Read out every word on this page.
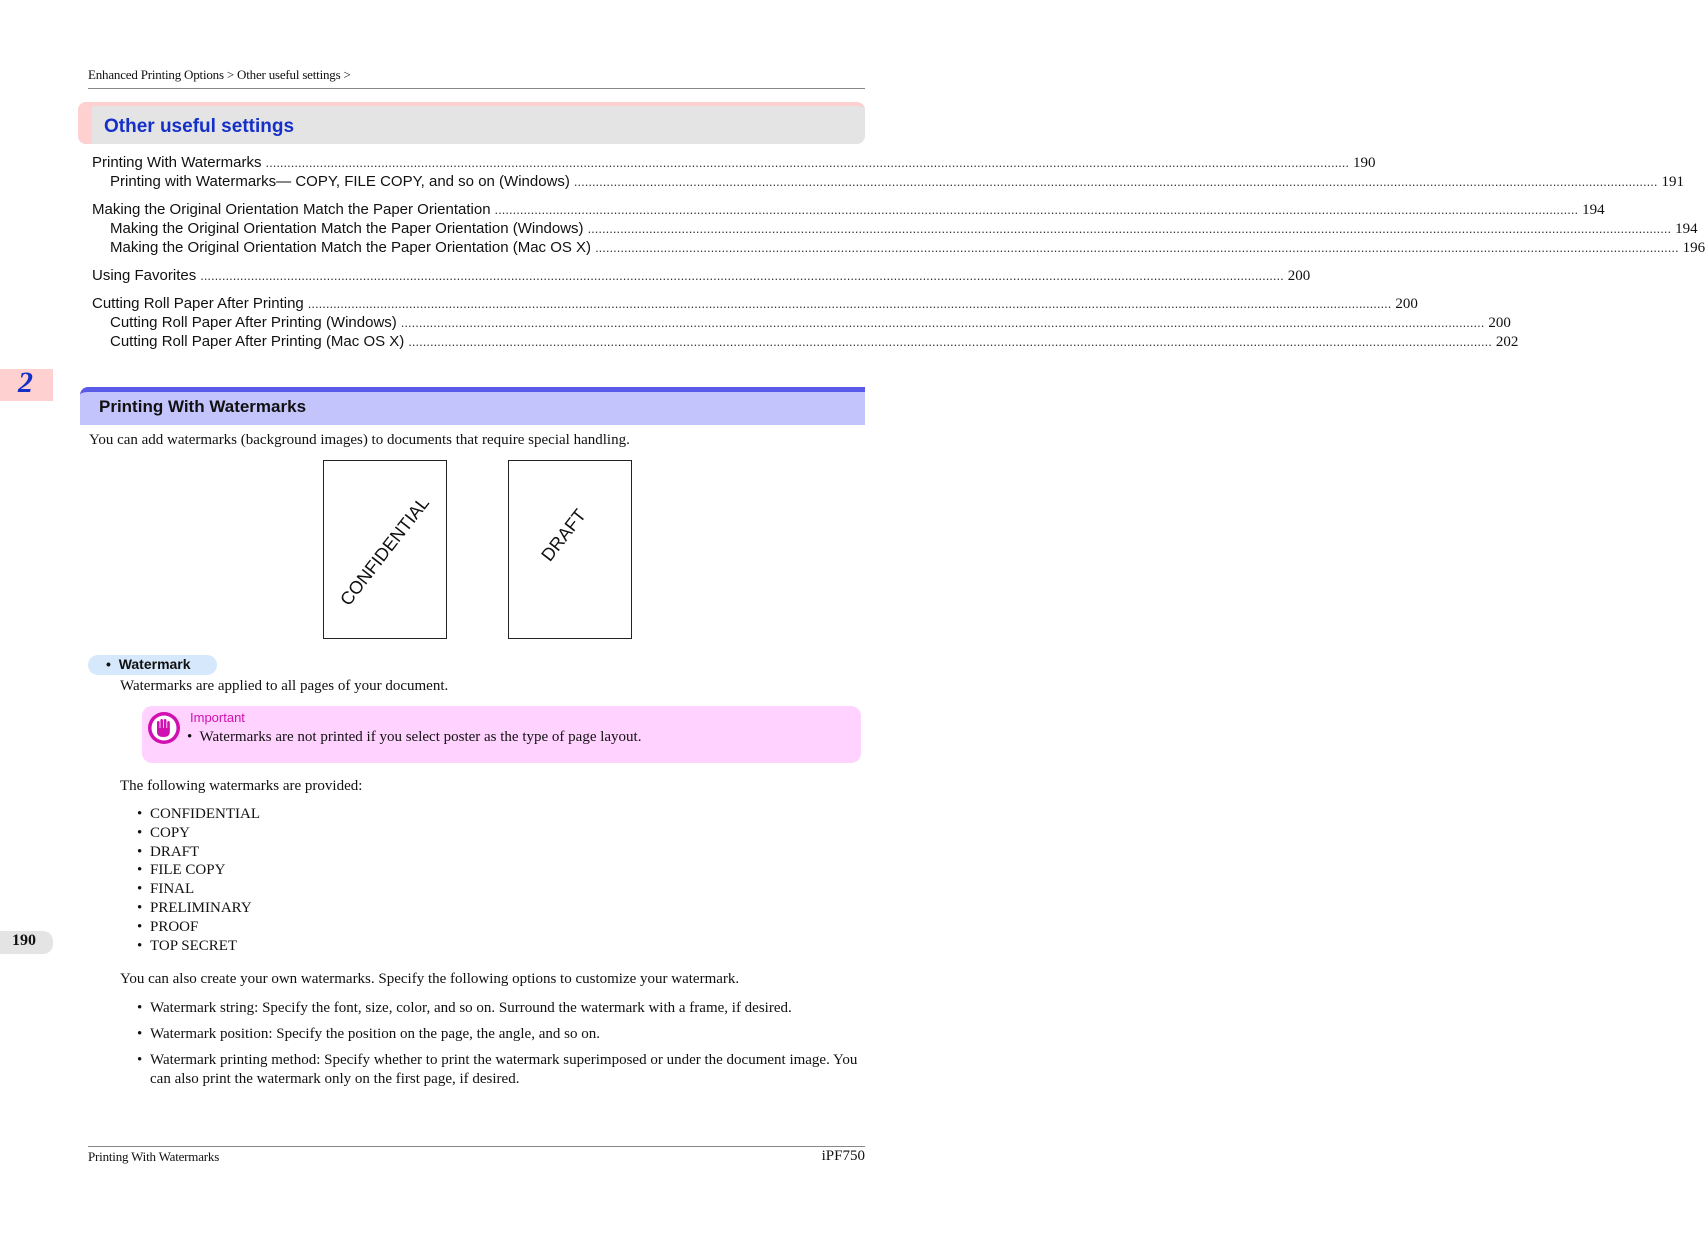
Enhanced Printing Options > Other useful settings >
Other useful settings
Printing With Watermarks ............................................................................................................................................................................................................................................................................................................ 190
Printing with Watermarks— COPY, FILE COPY, and so on (Windows) ............................................................................................................................................................................................................................................................................................................ 191
Making the Original Orientation Match the Paper Orientation ............................................................................................................................................................................................................................................................................................................ 194
Making the Original Orientation Match the Paper Orientation (Windows) ............................................................................................................................................................................................................................................................................................................ 194
Making the Original Orientation Match the Paper Orientation (Mac OS X) ............................................................................................................................................................................................................................................................................................................ 196
Using Favorites ............................................................................................................................................................................................................................................................................................................ 200
Cutting Roll Paper After Printing ............................................................................................................................................................................................................................................................................................................ 200
Cutting Roll Paper After Printing (Windows) ............................................................................................................................................................................................................................................................................................................ 200
Cutting Roll Paper After Printing (Mac OS X) ............................................................................................................................................................................................................................................................................................................ 202
2
Printing With Watermarks
You can add watermarks (background images) to documents that require special handling.
CONFIDENTIAL	DRAFT
• Watermark
Watermarks are applied to all pages of your document.
Important
• Watermarks are not printed if you select poster as the type of page layout.
The following watermarks are provided:
• CONFIDENTIAL
• COPY
• DRAFT
• FILE COPY
• FINAL
• PRELIMINARY
• PROOF
• TOP SECRET
190
You can also create your own watermarks. Specify the following options to customize your watermark.
• Watermark string: Specify the font, size, color, and so on. Surround the watermark with a frame, if desired.
• Watermark position: Specify the position on the page, the angle, and so on.
• Watermark printing method: Specify whether to print the watermark superimposed or under the document image. You can also print the watermark only on the first page, if desired.
Printing With Watermarks	iPF750
